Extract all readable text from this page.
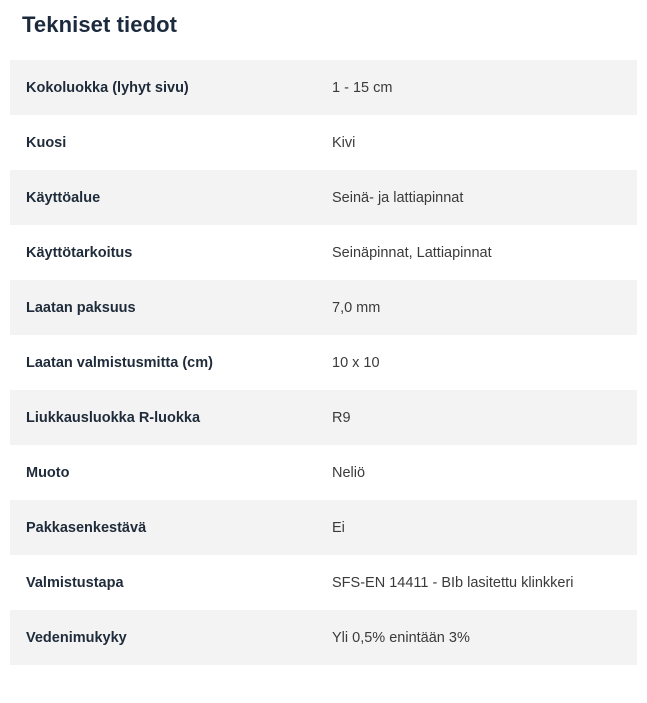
Tekniset tiedot
Kokoluokka (lyhyt sivu)	1 - 15 cm
Kuosi	Kivi
Käyttöalue	Seinä- ja lattiapinnat
Käyttötarkoitus	Seinäpinnat, Lattiapinnat
Laatan paksuus	7,0 mm
Laatan valmistusmitta (cm)	10 x 10
Liukkausluokka R-luokka	R9
Muoto	Neliö
Pakkasenkestävä	Ei
Valmistustapa	SFS-EN 14411 - BIb lasitettu klinkkeri
Vedenimukyky	Yli 0,5% enintään 3%
